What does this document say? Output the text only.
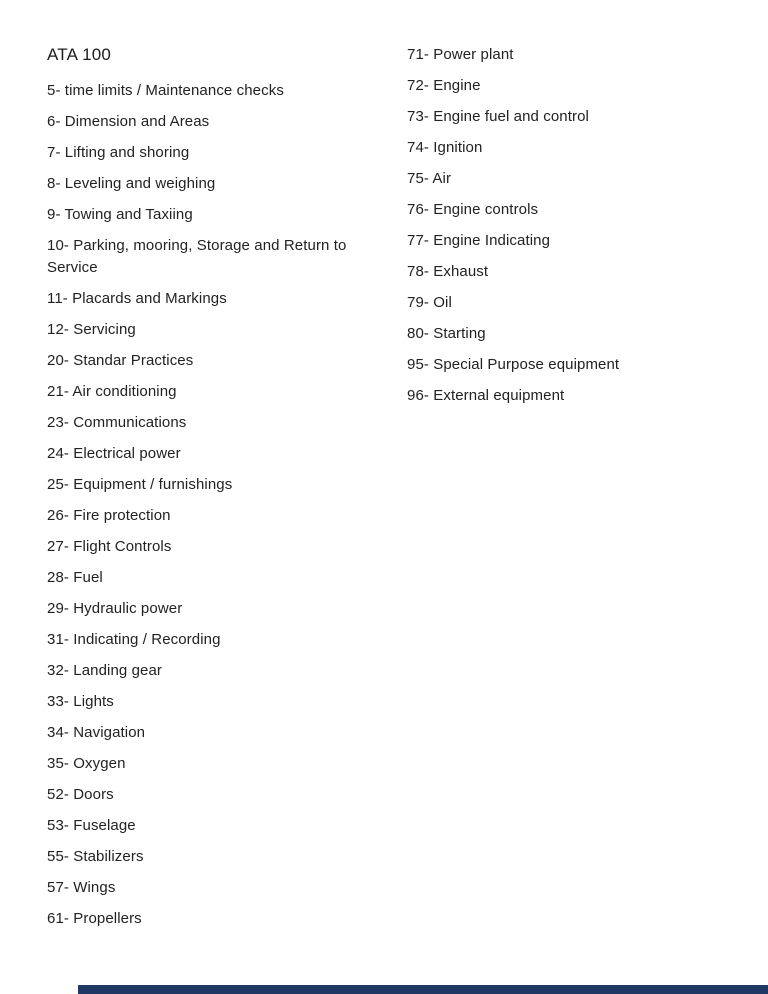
ATA 100

5- time limits / Maintenance checks

6- Dimension and Areas

7- Lifting and shoring

8- Leveling and weighing

9- Towing and Taxiing

10- Parking, mooring, Storage and Return to Service

11- Placards and Markings

12- Servicing

20- Standar Practices

21- Air conditioning

23- Communications

24- Electrical power

25- Equipment / furnishings

26- Fire protection

27- Flight Controls

28- Fuel

29- Hydraulic power

31- Indicating / Recording

32- Landing gear

33- Lights

34- Navigation

35- Oxygen

52- Doors

53- Fuselage

55- Stabilizers

57- Wings

61- Propellers

71- Power plant

72- Engine

73- Engine fuel and control

74- Ignition

75- Air

76- Engine controls

77- Engine Indicating

78- Exhaust

79- Oil

80- Starting

95- Special Purpose equipment

96- External equipment
